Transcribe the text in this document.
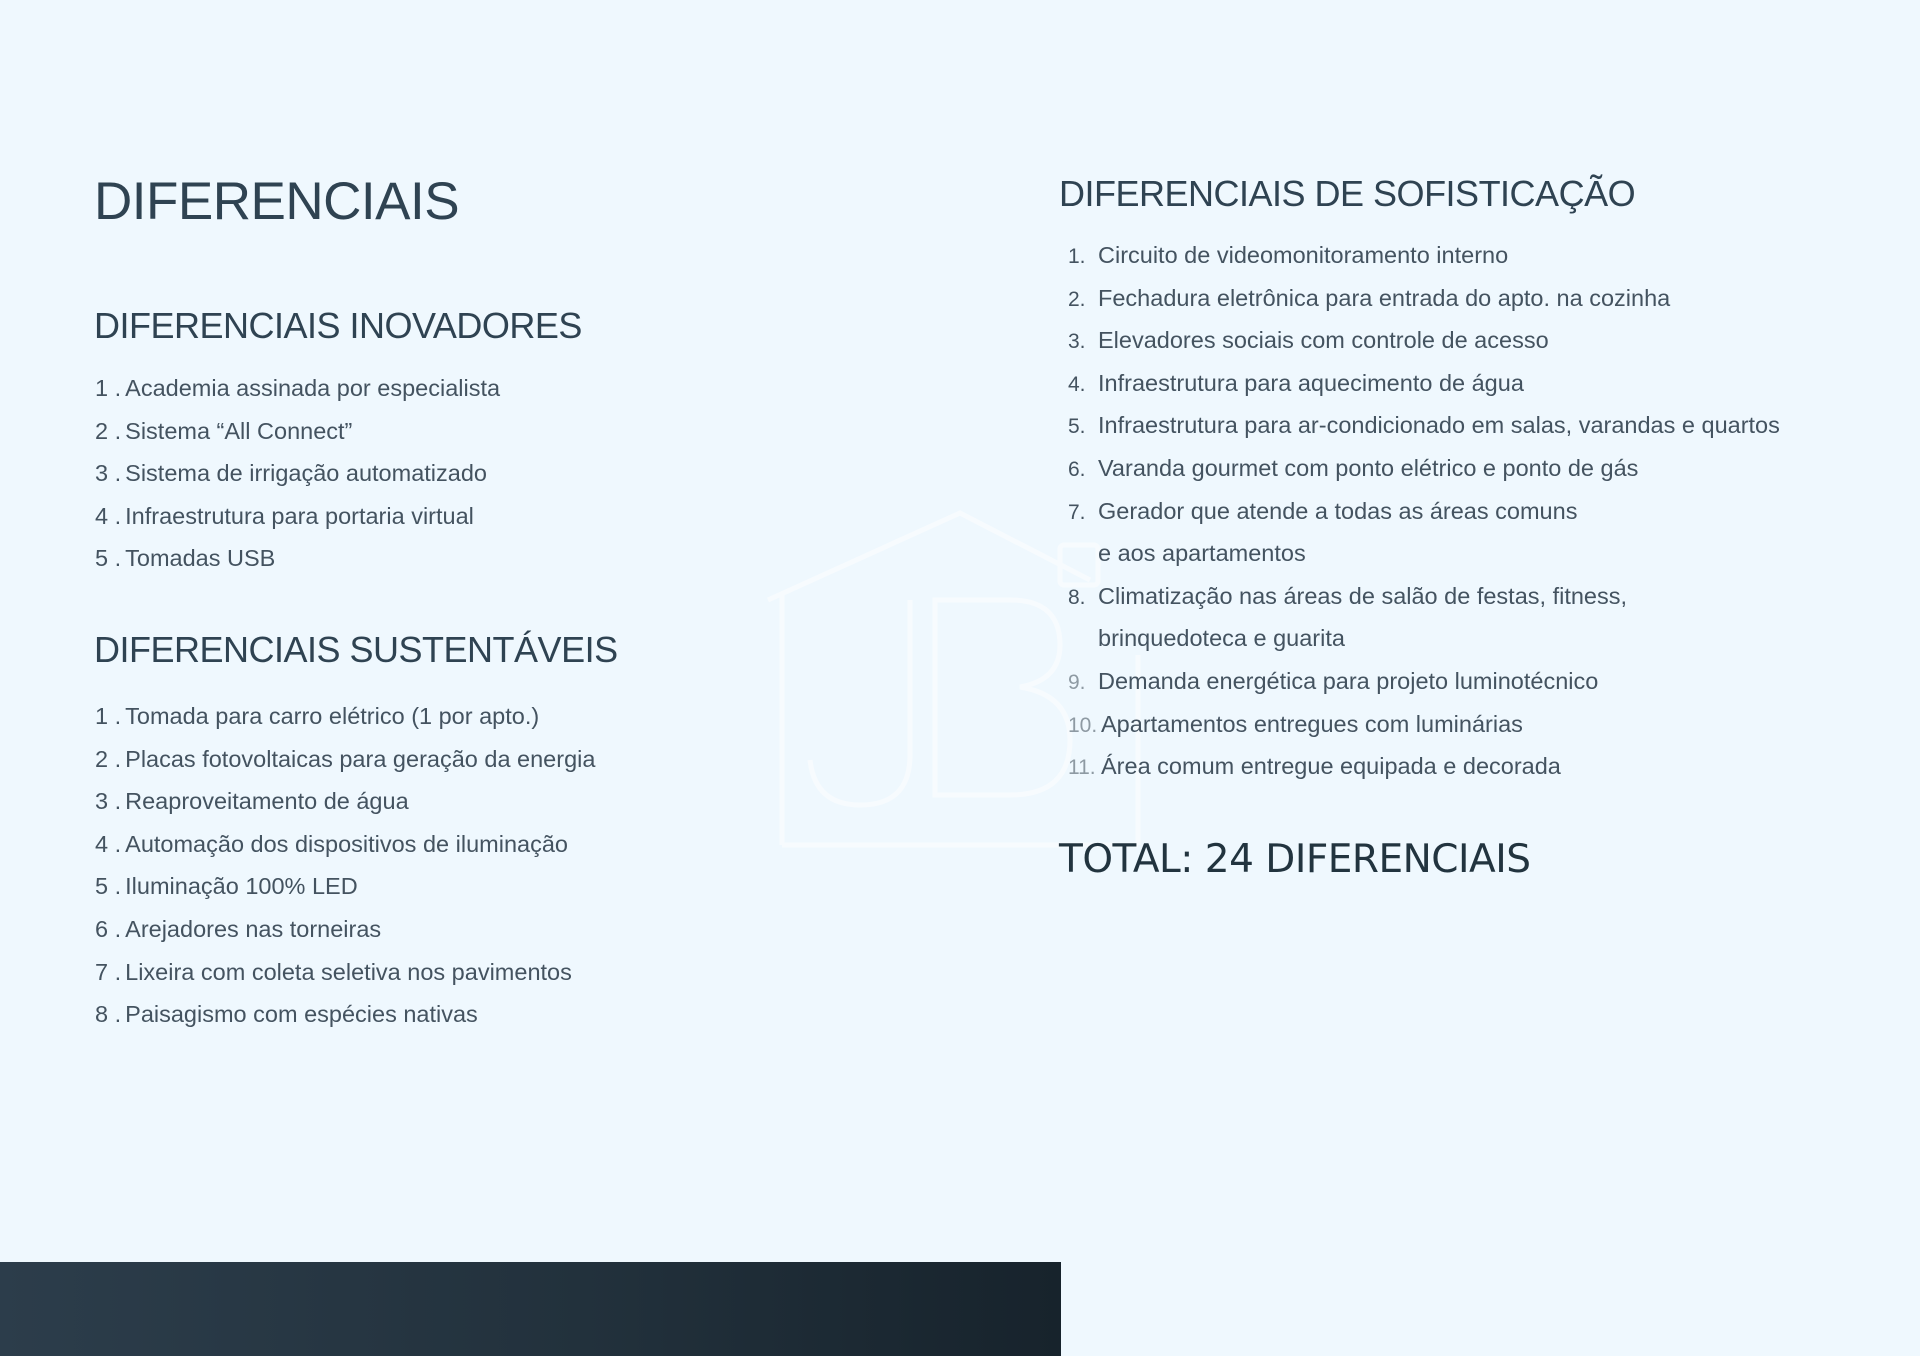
DIFERENCIAIS
DIFERENCIAIS INOVADORES
1 . Academia assinada por especialista
2 . Sistema “All Connect”
3 . Sistema de irrigação automatizado
4 . Infraestrutura para portaria virtual
5 . Tomadas USB
DIFERENCIAIS SUSTENTÁVEIS
1 . Tomada para carro elétrico (1 por apto.)
2 . Placas fotovoltaicas para geração da energia
3 . Reaproveitamento de água
4 . Automação dos dispositivos de iluminação
5 . Iluminação 100% LED
6 . Arejadores nas torneiras
7 . Lixeira com coleta seletiva nos pavimentos
8 . Paisagismo com espécies nativas
DIFERENCIAIS DE SOFISTICAÇÃO
1. Circuito de videomonitoramento interno
2. Fechadura eletrônica para entrada do apto. na cozinha
3. Elevadores sociais com controle de acesso
4. Infraestrutura para aquecimento de água
5. Infraestrutura para ar-condicionado em salas, varandas e quartos
6. Varanda gourmet com ponto elétrico e ponto de gás
7. Gerador que atende a todas as áreas comuns
e aos apartamentos
8. Climatização nas áreas de salão de festas, fitness,
brinquedoteca e guarita
9. Demanda energética para projeto luminotécnico
10. Apartamentos entregues com luminárias
11. Área comum entregue equipada e decorada
TOTAL: 24 DIFERENCIAIS
